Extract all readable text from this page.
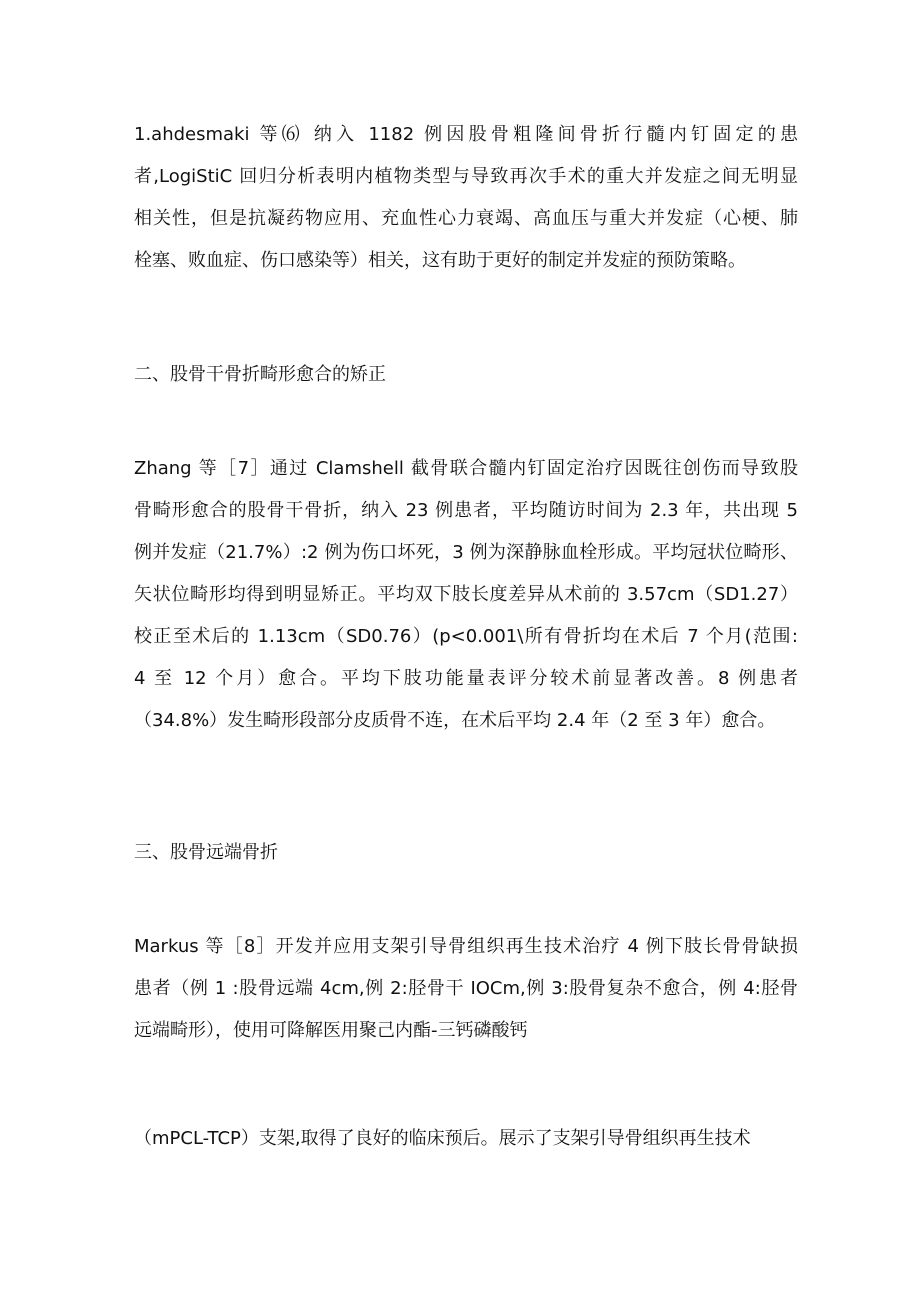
1.ahdesmaki 等⑹ 纳入 1182 例因股骨粗隆间骨折行髓内钉固定的患
者,LogiStiC 回归分析表明内植物类型与导致再次手术的重大并发症之间无明显
相关性，但是抗凝药物应用、充血性心力衰竭、高血压与重大并发症（心梗、肺
栓塞、败血症、伤口感染等）相关，这有助于更好的制定并发症的预防策略。
二、股骨干骨折畸形愈合的矫正
Zhang 等［7］通过 Clamshell 截骨联合髓内钉固定治疗因既往创伤而导致股
骨畸形愈合的股骨干骨折，纳入 23 例患者，平均随访时间为 2.3 年，共出现 5
例并发症（21.7%）:2 例为伤口坏死，3 例为深静脉血栓形成。平均冠状位畸形、
矢状位畸形均得到明显矫正。平均双下肢长度差异从术前的 3.57cm（SD1.27）
校正至术后的 1.13cm（SD0.76）(p<0.001\所有骨折均在术后 7 个月(范围:
4 至 12 个月）愈合。平均下肢功能量表评分较术前显著改善。8 例患者
（34.8%）发生畸形段部分皮质骨不连，在术后平均 2.4 年（2 至 3 年）愈合。
三、股骨远端骨折
Markus 等［8］开发并应用支架引导骨组织再生技术治疗 4 例下肢长骨骨缺损
患者（例 1 :股骨远端 4cm,例 2:胫骨干 IOCm,例 3:股骨复杂不愈合，例 4:胫骨
远端畸形），使用可降解医用聚己内酯-三钙磷酸钙
（mPCL-TCP）支架,取得了良好的临床预后。展示了支架引导骨组织再生技术
